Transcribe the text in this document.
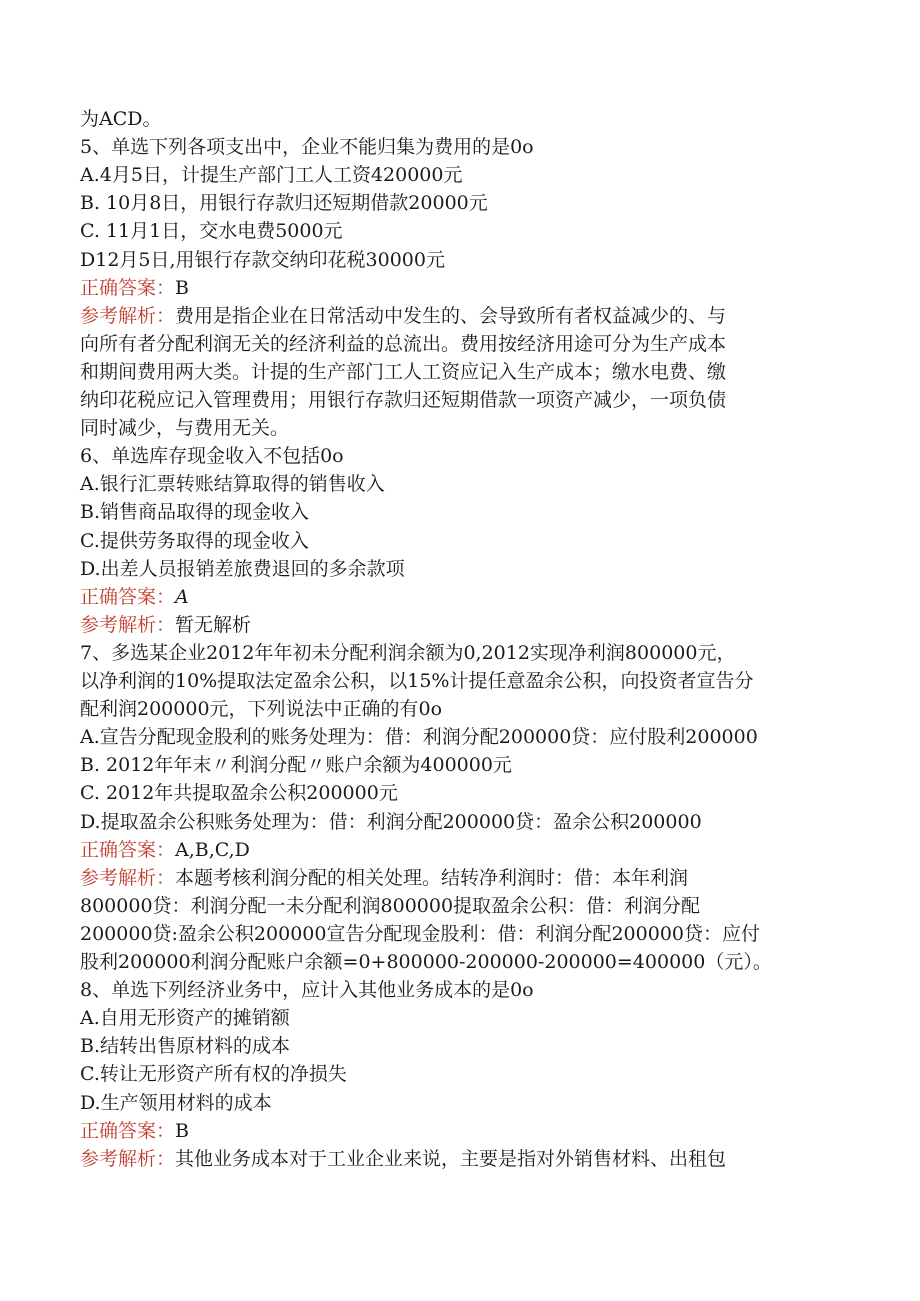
为ACD。
5、单选下列各项支出中，企业不能归集为费用的是0o
A.4月5日，计提生产部门工人工资420000元
B. 10月8日，用银行存款归还短期借款20000元
C. 11月1日，交水电费5000元
D12月5日,用银行存款交纳印花税30000元
正确答案：B
参考解析：费用是指企业在日常活动中发生的、会导致所有者权益减少的、与
向所有者分配利润无关的经济利益的总流出。费用按经济用途可分为生产成本
和期间费用两大类。计提的生产部门工人工资应记入生产成本；缴水电费、缴
纳印花税应记入管理费用；用银行存款归还短期借款一项资产减少，一项负债
同时减少，与费用无关。
6、单选库存现金收入不包括0o
A.银行汇票转账结算取得的销售收入
B.销售商品取得的现金收入
C.提供劳务取得的现金收入
D.出差人员报销差旅费退回的多余款项
正确答案：A
参考解析：暂无解析
7、多选某企业2012年年初未分配利润余额为0,2012实现净利润800000元，
以净利润的10%提取法定盈余公积，以15%计提任意盈余公积，向投资者宣告分
配利润200000元，下列说法中正确的有0o
A.宣告分配现金股利的账务处理为：借：利润分配200000贷：应付股利200000
B. 2012年年末〃利润分配〃账户余额为400000元
C. 2012年共提取盈余公积200000元
D.提取盈余公积账务处理为：借：利润分配200000贷：盈余公积200000
正确答案：A,B,C,D
参考解析：本题考核利润分配的相关处理。结转净利润时：借：本年利润
800000贷：利润分配一未分配利润800000提取盈余公积：借：利润分配
200000贷:盈余公积200000宣告分配现金股利：借：利润分配200000贷：应付
股利200000利润分配账户余额=0+800000-200000-200000=400000（元）。
8、单选下列经济业务中，应计入其他业务成本的是0o
A.自用无形资产的摊销额
B.结转出售原材料的成本
C.转让无形资产所有权的净损失
D.生产领用材料的成本
正确答案：B
参考解析：其他业务成本对于工业企业来说，主要是指对外销售材料、出租包
